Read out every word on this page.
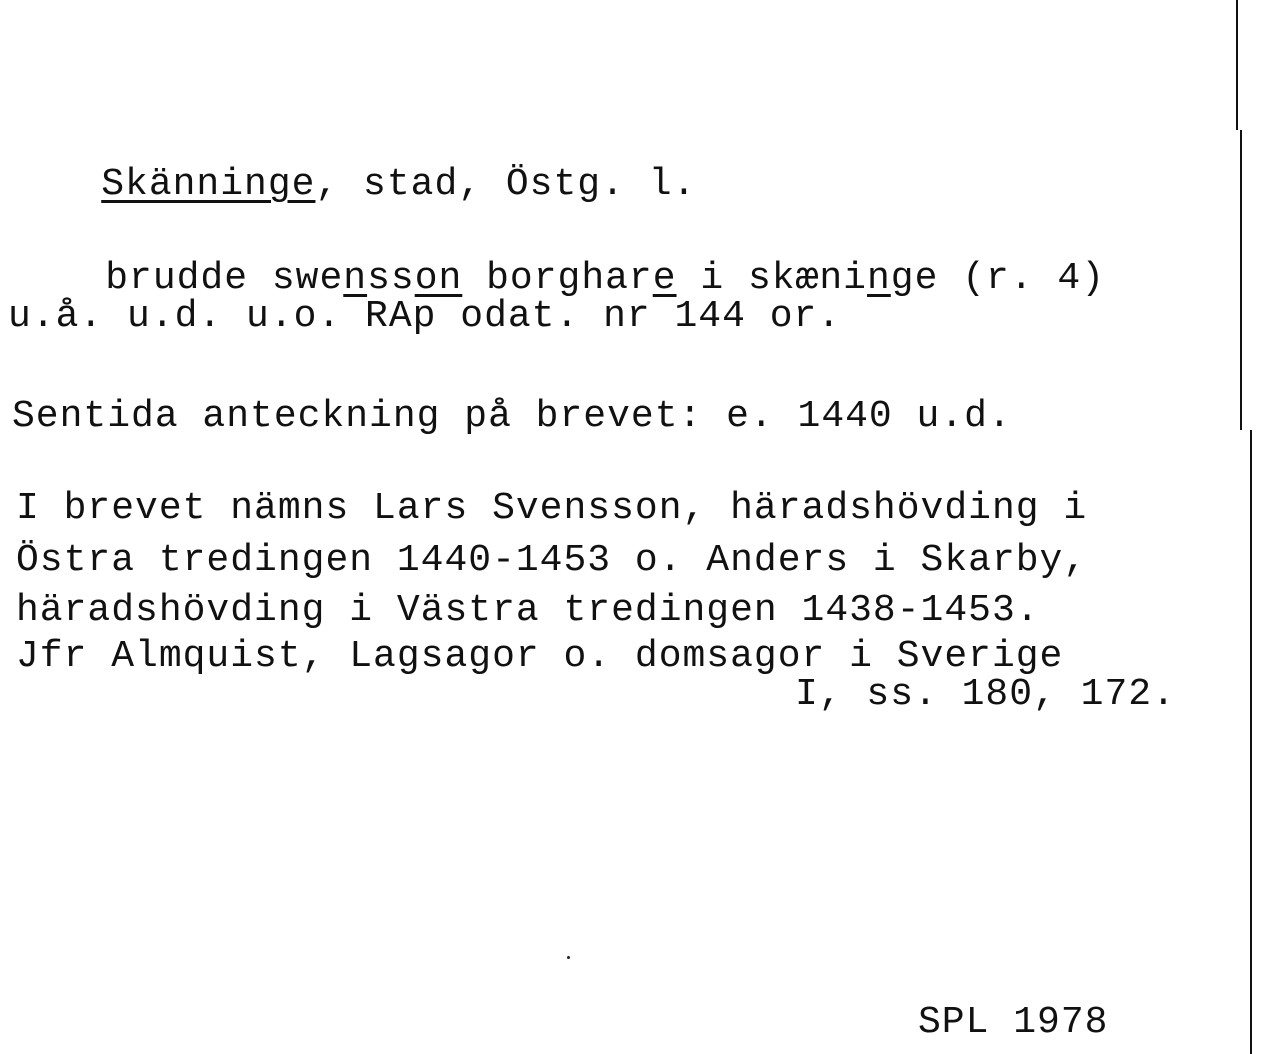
Skänninge, stad, Östg. l.

brudde swensson borghare i skæninge (r. 4)

u.å. u.d. u.o. RAp odat. nr 144 or.
Sentida anteckning på brevet: e. 1440 u.d.
I brevet nämns Lars Svensson, häradshövding i
Östra tredingen 1440-1453 o. Anders i Skarby,
häradshövding i Västra tredingen 1438-1453.
Jfr Almquist, Lagsagor o. domsagor i Sverige
I, ss. 180, 172.
SPL 1978
